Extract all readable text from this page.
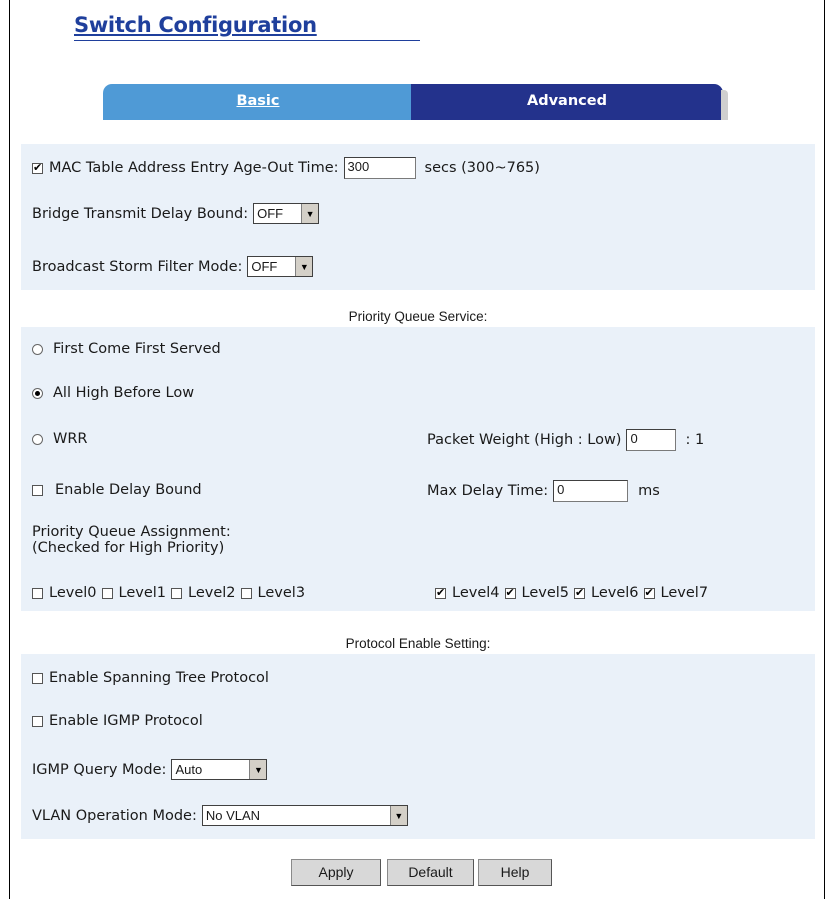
Switch Configuration
Basic	Advanced
✔
MAC Table Address Entry Age-Out Time: 300	secs (300~765)
Bridge Transmit Delay Bound: OFF	▼
Broadcast Storm Filter Mode: OFF	▼
Priority Queue Service:
First Come First Served
All High Before Low
WRR	Packet Weight (High : Low) 0	: 1
Enable Delay Bound	Max Delay Time: 0	ms
Priority Queue Assignment:
(Checked for High Priority)
Level0 Level1 Level2 Level3 ✔	Level4 ✔ Level5 ✔ Level6 ✔ Level7
Protocol Enable Setting:
Enable Spanning Tree Protocol
Enable IGMP Protocol
IGMP Query Mode: Auto	▼
VLAN Operation Mode: No VLAN	▼
Apply	Default	Help
